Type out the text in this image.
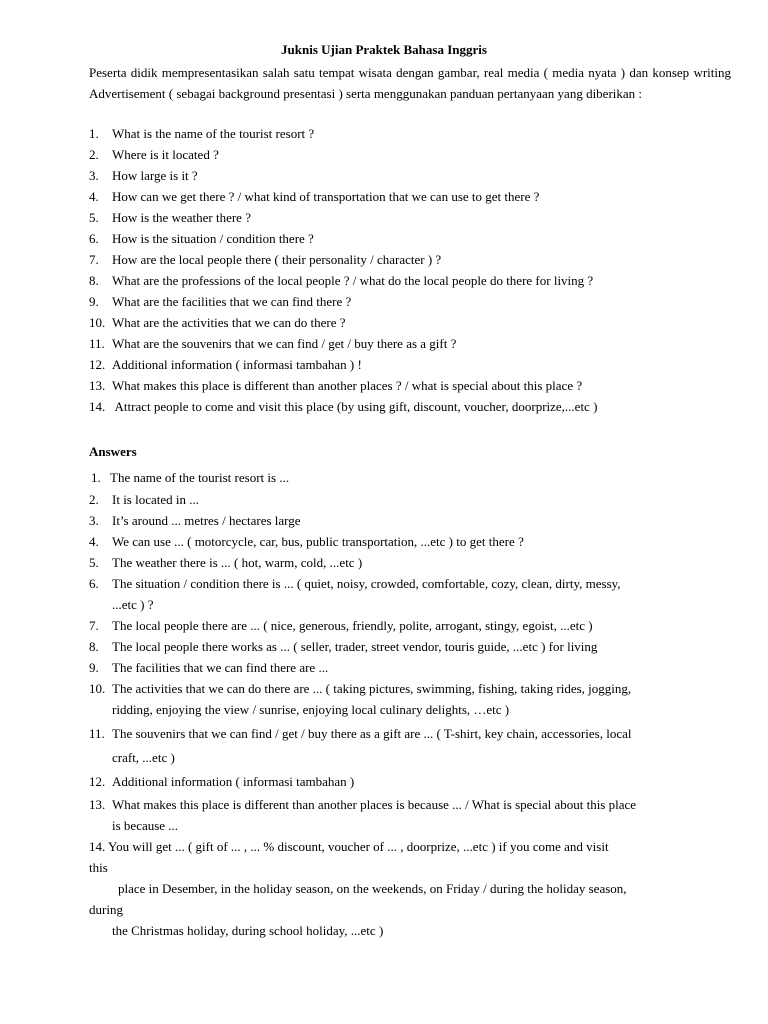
Juknis Ujian Praktek Bahasa Inggris
Peserta didik mempresentasikan salah satu tempat wisata dengan gambar, real media ( media nyata ) dan konsep writing Advertisement ( sebagai background presentasi ) serta menggunakan panduan pertanyaan yang diberikan :
1. What is the name of the tourist resort ?
2. Where is it located ?
3. How large is it ?
4. How can we get there ? / what kind of transportation that we can use to get there ?
5. How is the weather there ?
6. How is the situation / condition there ?
7. How are the local people there ( their personality / character ) ?
8. What are the professions of the local people ? / what do the local people do there for living ?
9. What are the facilities that we can find there ?
10. What are the activities that we can do there ?
11. What are the souvenirs that we can find / get / buy there as a gift ?
12. Additional information ( informasi tambahan ) !
13. What makes this place is different than another places ? / what is special about this place ?
14. Attract people to come and visit this place (by using gift, discount, voucher, doorprize,...etc )
Answers
1. The name of the tourist resort is ...
2. It is located in ...
3. It’s around ... metres / hectares large
4. We can use ... ( motorcycle, car, bus, public transportation, ...etc ) to get there ?
5. The weather there is ... ( hot, warm, cold, ...etc )
6. The situation / condition there is ... ( quiet, noisy, crowded, comfortable, cozy, clean, dirty, messy,
...etc ) ?
7. The local people there are ... ( nice, generous, friendly, polite, arrogant, stingy, egoist, ...etc )
8. The local people there works as ... ( seller, trader, street vendor, touris guide, ...etc ) for living
9. The facilities that we can find there are ...
10. The activities that we can do there are ... ( taking pictures, swimming, fishing, taking rides, jogging,
ridding, enjoying the view / sunrise, enjoying local culinary delights, …etc )
11. The souvenirs that we can find / get / buy there as a gift are ... ( T-shirt, key chain, accessories, local
craft, ...etc )
12. Additional information ( informasi tambahan )
13. What makes this place is different than another places is because ... / What is special about this place
is because ...
14. You will get ... ( gift of ... , ... % discount, voucher of ... , doorprize, ...etc ) if you come and visit
this
place in Desember, in the holiday season, on the weekends, on Friday / during the holiday season,
during
the Christmas holiday, during school holiday, ...etc )
